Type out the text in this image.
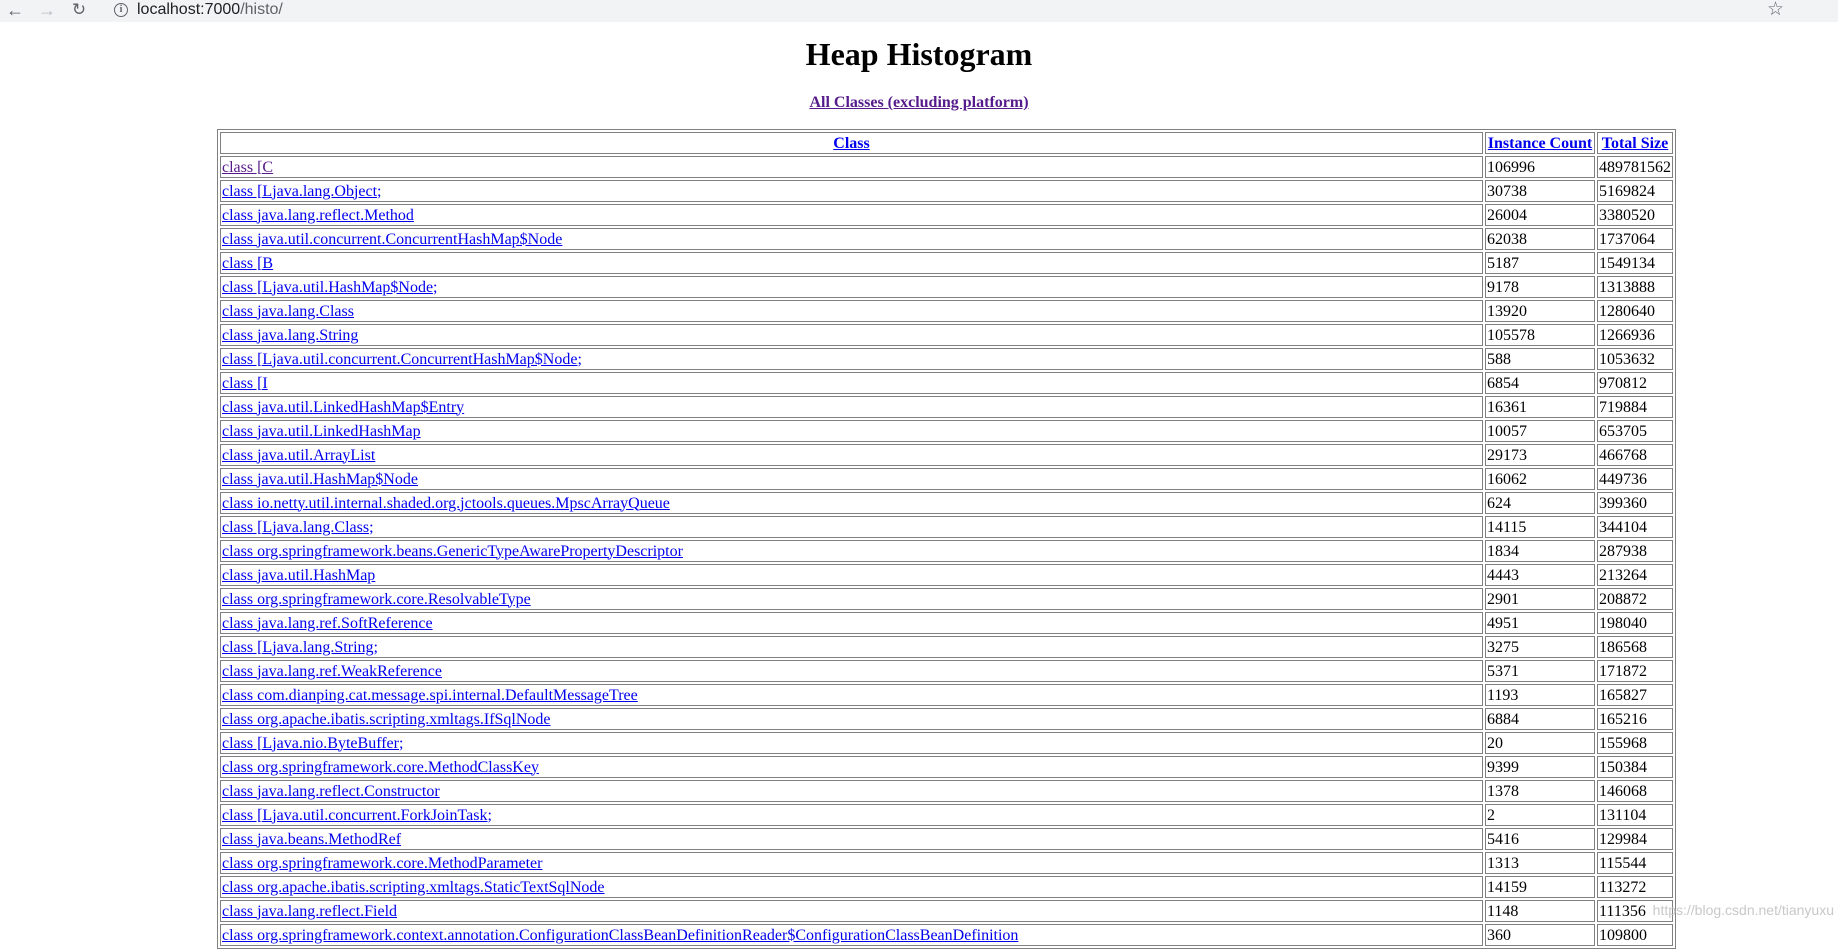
← → ↻	i localhost:7000/histo/	☆
Heap Histogram
All Classes (excluding platform)
Class	Instance Count	Total Size
class [C	106996	489781562
class [Ljava.lang.Object;	30738	5169824
class java.lang.reflect.Method	26004	3380520
class java.util.concurrent.ConcurrentHashMap$Node	62038	1737064
class [B	5187	1549134
class [Ljava.util.HashMap$Node;	9178	1313888
class java.lang.Class	13920	1280640
class java.lang.String	105578	1266936
class [Ljava.util.concurrent.ConcurrentHashMap$Node;	588	1053632
class [I	6854	970812
class java.util.LinkedHashMap$Entry	16361	719884
class java.util.LinkedHashMap	10057	653705
class java.util.ArrayList	29173	466768
class java.util.HashMap$Node	16062	449736
class io.netty.util.internal.shaded.org.jctools.queues.MpscArrayQueue	624	399360
class [Ljava.lang.Class;	14115	344104
class org.springframework.beans.GenericTypeAwarePropertyDescriptor	1834	287938
class java.util.HashMap	4443	213264
class org.springframework.core.ResolvableType	2901	208872
class java.lang.ref.SoftReference	4951	198040
class [Ljava.lang.String;	3275	186568
class java.lang.ref.WeakReference	5371	171872
class com.dianping.cat.message.spi.internal.DefaultMessageTree	1193	165827
class org.apache.ibatis.scripting.xmltags.IfSqlNode	6884	165216
class [Ljava.nio.ByteBuffer;	20	155968
class org.springframework.core.MethodClassKey	9399	150384
class java.lang.reflect.Constructor	1378	146068
class [Ljava.util.concurrent.ForkJoinTask;	2	131104
class java.beans.MethodRef	5416	129984
class org.springframework.core.MethodParameter	1313	115544
class org.apache.ibatis.scripting.xmltags.StaticTextSqlNode	14159	113272
class java.lang.reflect.Field	1148	111356
class org.springframework.context.annotation.ConfigurationClassBeanDefinitionReader$ConfigurationClassBeanDefinition	360	109800
https://blog.csdn.net/tianyuxu
